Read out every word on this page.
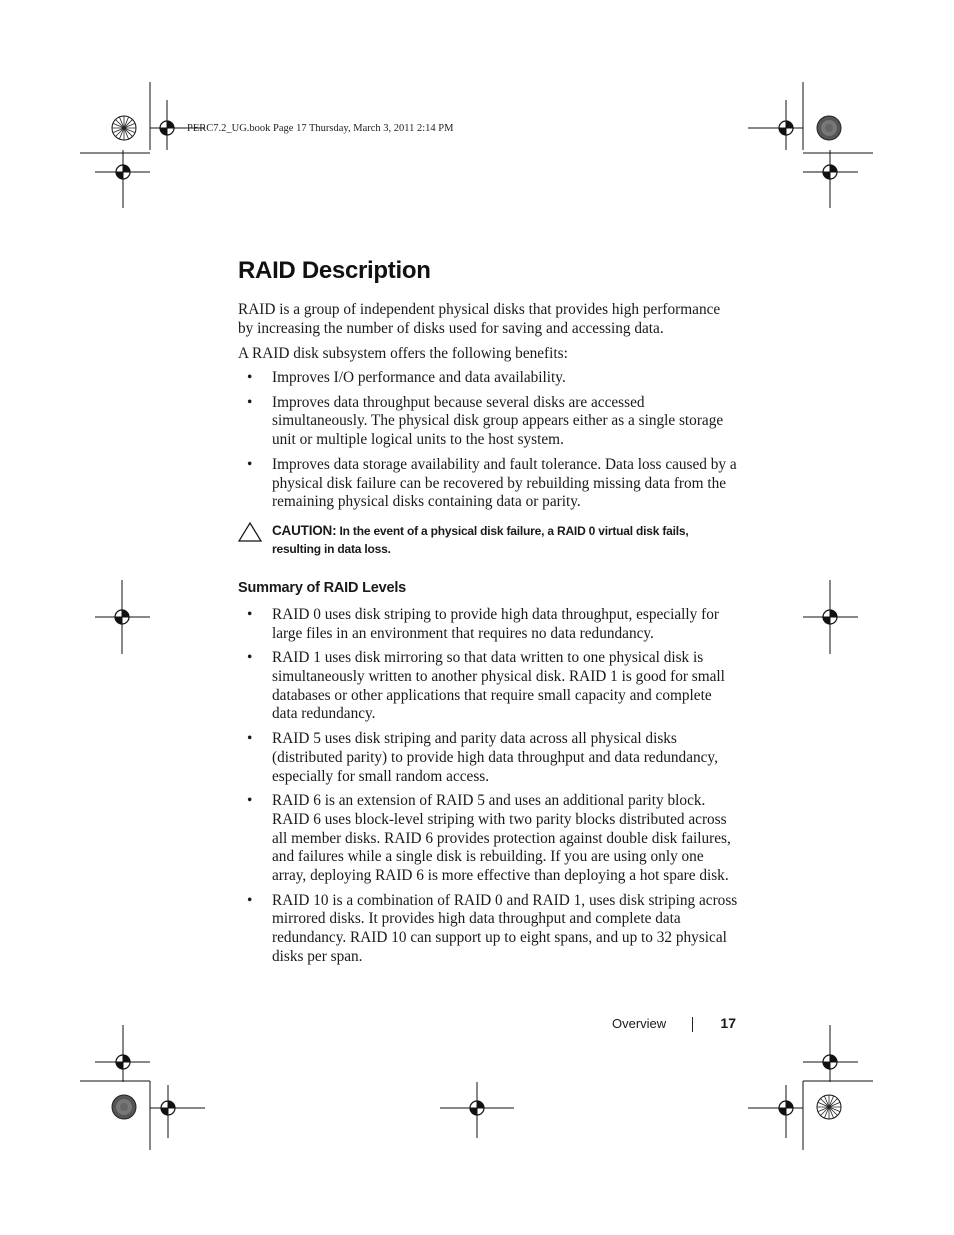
PERC7.2_UG.book Page 17 Thursday, March 3, 2011 2:14 PM
RAID Description

RAID is a group of independent physical disks that provides high performance by increasing the number of disks used for saving and accessing data.

A RAID disk subsystem offers the following benefits:

• Improves I/O performance and data availability.
• Improves data throughput because several disks are accessed simultaneously. The physical disk group appears either as a single storage unit or multiple logical units to the host system.
• Improves data storage availability and fault tolerance. Data loss caused by a physical disk failure can be recovered by rebuilding missing data from the remaining physical disks containing data or parity.
CAUTION: In the event of a physical disk failure, a RAID 0 virtual disk fails, resulting in data loss.
Summary of RAID Levels
• RAID 0 uses disk striping to provide high data throughput, especially for large files in an environment that requires no data redundancy.
• RAID 1 uses disk mirroring so that data written to one physical disk is simultaneously written to another physical disk. RAID 1 is good for small databases or other applications that require small capacity and complete data redundancy.
• RAID 5 uses disk striping and parity data across all physical disks (distributed parity) to provide high data throughput and data redundancy, especially for small random access.
• RAID 6 is an extension of RAID 5 and uses an additional parity block. RAID 6 uses block-level striping with two parity blocks distributed across all member disks. RAID 6 provides protection against double disk failures, and failures while a single disk is rebuilding. If you are using only one array, deploying RAID 6 is more effective than deploying a hot spare disk.
• RAID 10 is a combination of RAID 0 and RAID 1, uses disk striping across mirrored disks. It provides high data throughput and complete data redundancy. RAID 10 can support up to eight spans, and up to 32 physical disks per span.
Overview	17
